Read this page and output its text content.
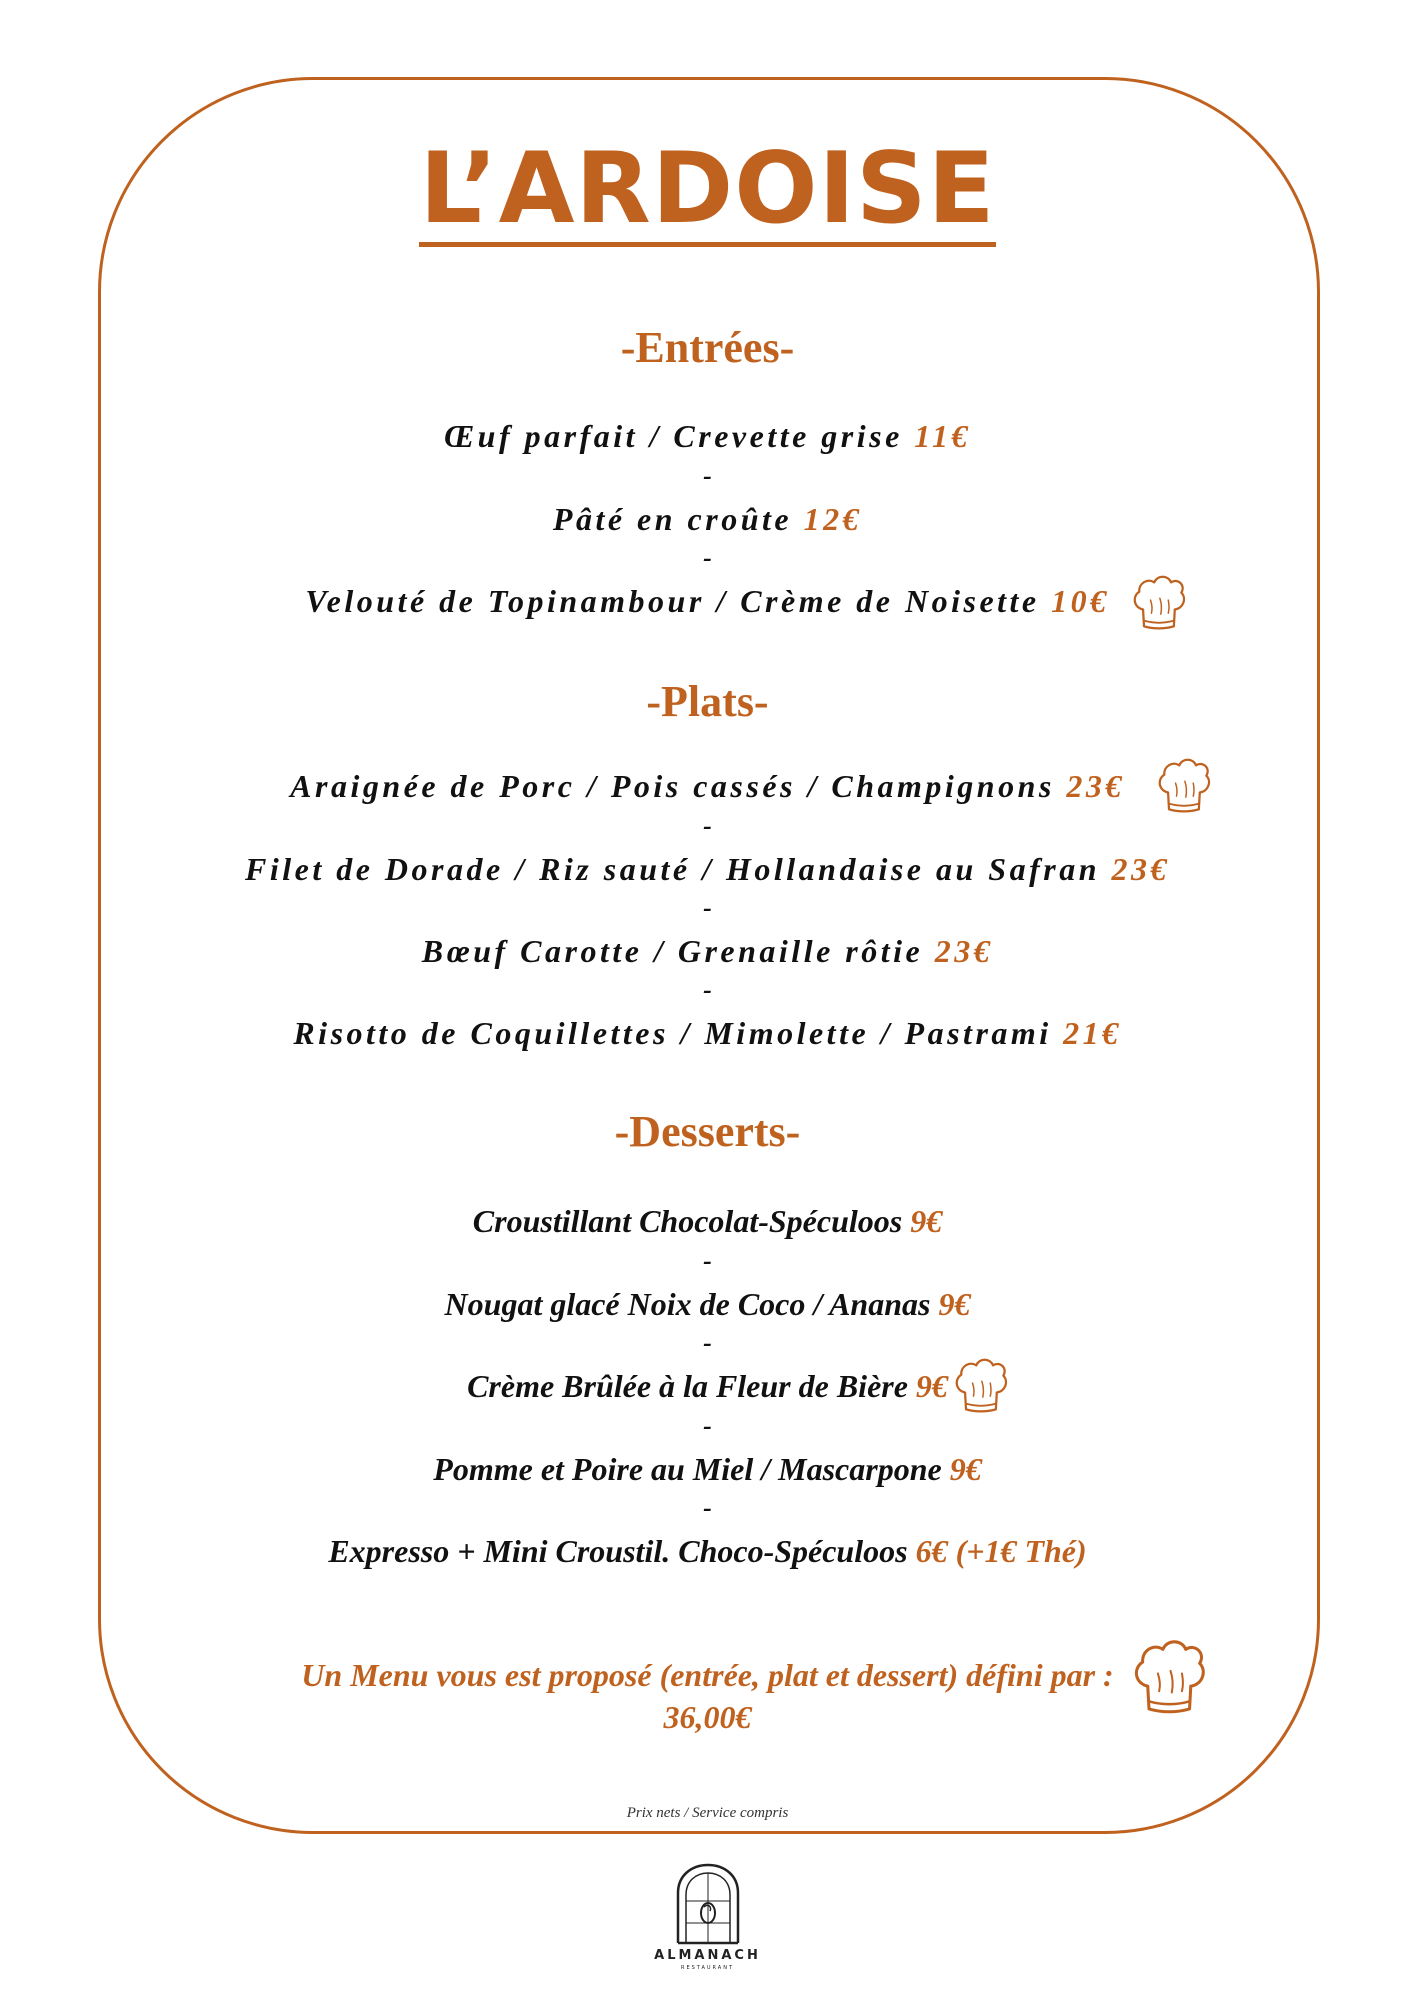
L’ARDOISE
-Entrées-
Œuf parfait / Crevette grise 11€
-
Pâté en croûte 12€
-
Velouté de Topinambour / Crème de Noisette 10€
-Plats-
Araignée de Porc / Pois cassés / Champignons 23€
-
Filet de Dorade / Riz sauté / Hollandaise au Safran 23€
-
Bœuf Carotte / Grenaille rôtie 23€
-
Risotto de Coquillettes / Mimolette / Pastrami 21€
-Desserts-
Croustillant Chocolat-Spéculoos 9€
-
Nougat glacé Noix de Coco / Ananas 9€
-
Crème Brûlée à la Fleur de Bière 9€
-
Pomme et Poire au Miel / Mascarpone 9€
-
Expresso + Mini Croustil. Choco-Spéculoos 6€ (+1€ Thé)
Un Menu vous est proposé (entrée, plat et dessert) défini par :
36,00€
Prix nets / Service compris
ALMANACH
RESTAURANT
